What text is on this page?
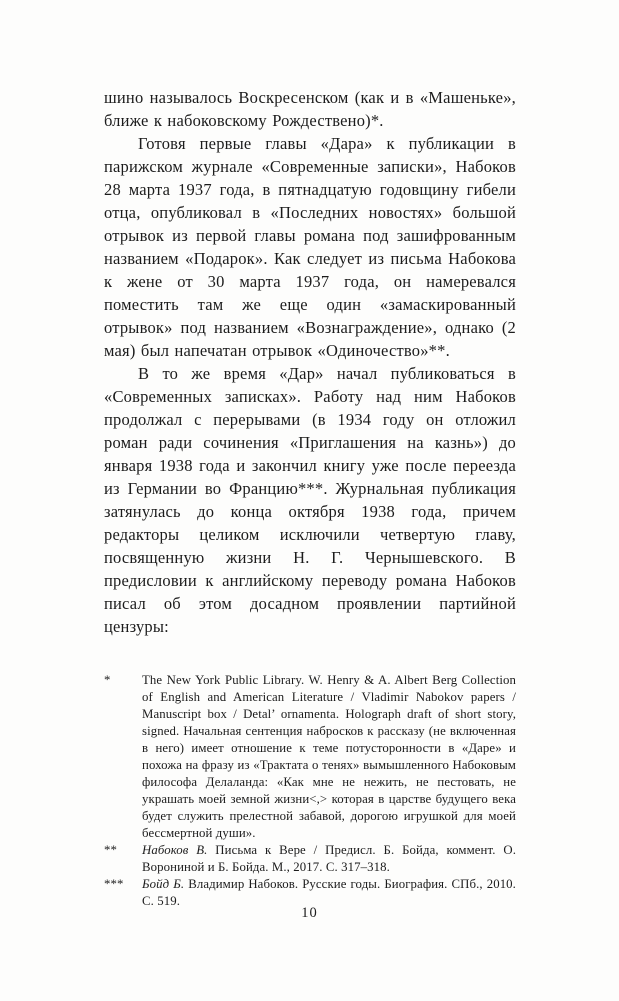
шино называлось Воскресенском (как и в «Машеньке», ближе к набоковскому Рождествено)*.

Готовя первые главы «Дара» к публикации в парижском журнале «Современные записки», Набоков 28 марта 1937 года, в пятнадцатую годовщину гибели отца, опубликовал в «Последних новостях» большой отрывок из первой главы романа под зашифрованным названием «Подарок». Как следует из письма Набокова к жене от 30 марта 1937 года, он намеревался поместить там же еще один «замаскированный отрывок» под названием «Вознаграждение», однако (2 мая) был напечатан отрывок «Одиночество»**.

В то же время «Дар» начал публиковаться в «Современных записках». Работу над ним Набоков продолжал с перерывами (в 1934 году он отложил роман ради сочинения «Приглашения на казнь») до января 1938 года и закончил книгу уже после переезда из Германии во Францию***. Журнальная публикация затянулась до конца октября 1938 года, причем редакторы целиком исключили четвертую главу, посвященную жизни Н. Г. Чернышевского. В предисловии к английскому переводу романа Набоков писал об этом досадном проявлении партийной цензуры:

*	The New York Public Library. W. Henry & A. Albert Berg Collection of English and American Literature / Vladimir Nabokov papers / Manuscript box / Detal’ ornamenta. Holograph draft of short story, signed. Начальная сентенция набросков к рассказу (не включенная в него) имеет отношение к теме потусторонности в «Даре» и похожа на фразу из «Трактата о тенях» вымышленного Набоковым философа Делаланда: «Как мне не нежить, не пестовать, не украшать моей земной жизни<,> которая в царстве будущего века будет служить прелестной забавой, дорогою игрушкой для моей бессмертной души».
**	Набоков В. Письма к Вере / Предисл. Б. Бойда, коммент. О. Ворониной и Б. Бойда. М., 2017. С. 317–318.
***	Бойд Б. Владимир Набоков. Русские годы. Биография. СПб., 2010. С. 519.
10
